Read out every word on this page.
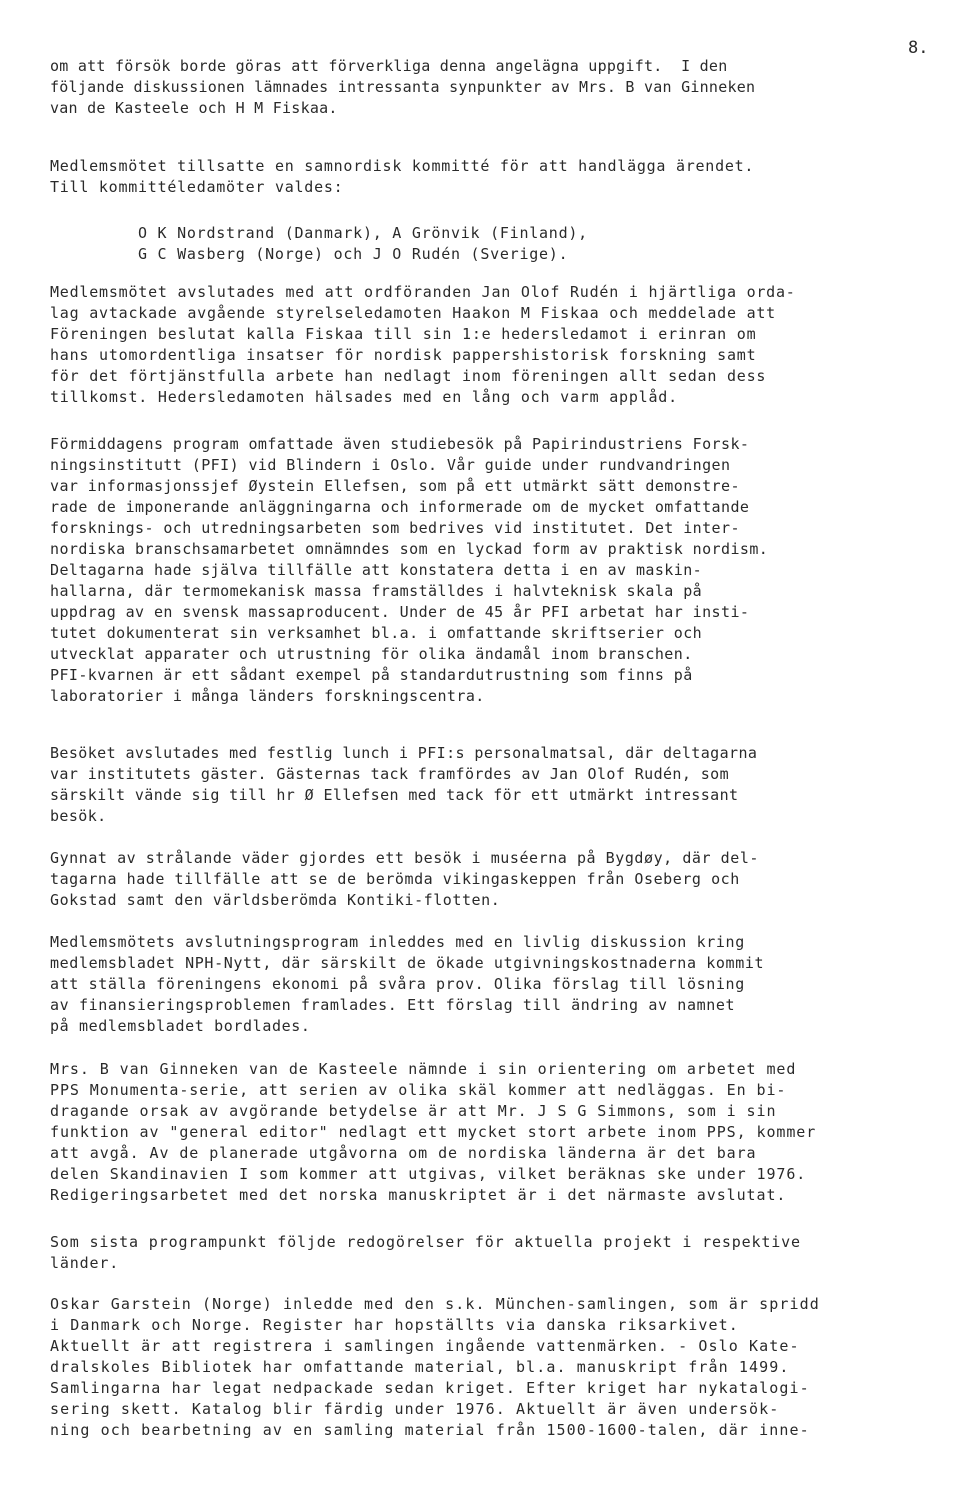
8.
om att försök borde göras att förverkliga denna angelägna uppgift.  I den
följande diskussionen lämnades intressanta synpunkter av Mrs. B van Ginneken
van de Kasteele och H M Fiskaa.
Medlemsmötet tillsatte en samnordisk kommitté för att handlägga ärendet.
Till kommittéledamöter valdes:
O K Nordstrand (Danmark), A Grönvik (Finland),
G C Wasberg (Norge) och J O Rudén (Sverige).
Medlemsmötet avslutades med att ordföranden Jan Olof Rudén i hjärtliga orda-
lag avtackade avgående styrelseledamoten Haakon M Fiskaa och meddelade att
Föreningen beslutat kalla Fiskaa till sin 1:e hedersledamot i erinran om
hans utomordentliga insatser för nordisk pappershistorisk forskning samt
för det förtjänstfulla arbete han nedlagt inom föreningen allt sedan dess
tillkomst. Hedersledamoten hälsades med en lång och varm applåd.
Förmiddagens program omfattade även studiebesök på Papirindustriens Forsk-
ningsinstitutt (PFI) vid Blindern i Oslo. Vår guide under rundvandringen
var informasjonssjef Øystein Ellefsen, som på ett utmärkt sätt demonstre-
rade de imponerande anläggningarna och informerade om de mycket omfattande
forsknings- och utredningsarbeten som bedrives vid institutet. Det inter-
nordiska branschsamarbetet omnämndes som en lyckad form av praktisk nordism.
Deltagarna hade själva tillfälle att konstatera detta i en av maskin-
hallarna, där termomekanisk massa framställdes i halvteknisk skala på
uppdrag av en svensk massaproducent. Under de 45 år PFI arbetat har insti-
tutet dokumenterat sin verksamhet bl.a. i omfattande skriftserier och
utvecklat apparater och utrustning för olika ändamål inom branschen.
PFI-kvarnen är ett sådant exempel på standardutrustning som finns på
laboratorier i många länders forskningscentra.
Besöket avslutades med festlig lunch i PFI:s personalmatsal, där deltagarna
var institutets gäster. Gästernas tack framfördes av Jan Olof Rudén, som
särskilt vände sig till hr Ø Ellefsen med tack för ett utmärkt intressant
besök.
Gynnat av strålande väder gjordes ett besök i muséerna på Bygdøy, där del-
tagarna hade tillfälle att se de berömda vikingaskeppen från Oseberg och
Gokstad samt den världsberömda Kontiki-flotten.
Medlemsmötets avslutningsprogram inleddes med en livlig diskussion kring
medlemsbladet NPH-Nytt, där särskilt de ökade utgivningskostnaderna kommit
att ställa föreningens ekonomi på svåra prov. Olika förslag till lösning
av finansieringsproblemen framlades. Ett förslag till ändring av namnet
på medlemsbladet bordlades.
Mrs. B van Ginneken van de Kasteele nämnde i sin orientering om arbetet med
PPS Monumenta-serie, att serien av olika skäl kommer att nedläggas. En bi-
dragande orsak av avgörande betydelse är att Mr. J S G Simmons, som i sin
funktion av "general editor" nedlagt ett mycket stort arbete inom PPS, kommer
att avgå. Av de planerade utgåvorna om de nordiska länderna är det bara
delen Skandinavien I som kommer att utgivas, vilket beräknas ske under 1976.
Redigeringsarbetet med det norska manuskriptet är i det närmaste avslutat.
Som sista programpunkt följde redogörelser för aktuella projekt i respektive
länder.
Oskar Garstein (Norge) inledde med den s.k. München-samlingen, som är spridd
i Danmark och Norge. Register har hopställts via danska riksarkivet.
Aktuellt är att registrera i samlingen ingående vattenmärken. - Oslo Kate-
dralskoles Bibliotek har omfattande material, bl.a. manuskript från 1499.
Samlingarna har legat nedpackade sedan kriget. Efter kriget har nykatalogi-
sering skett. Katalog blir färdig under 1976. Aktuellt är även undersök-
ning och bearbetning av en samling material från 1500-1600-talen, där inne-
